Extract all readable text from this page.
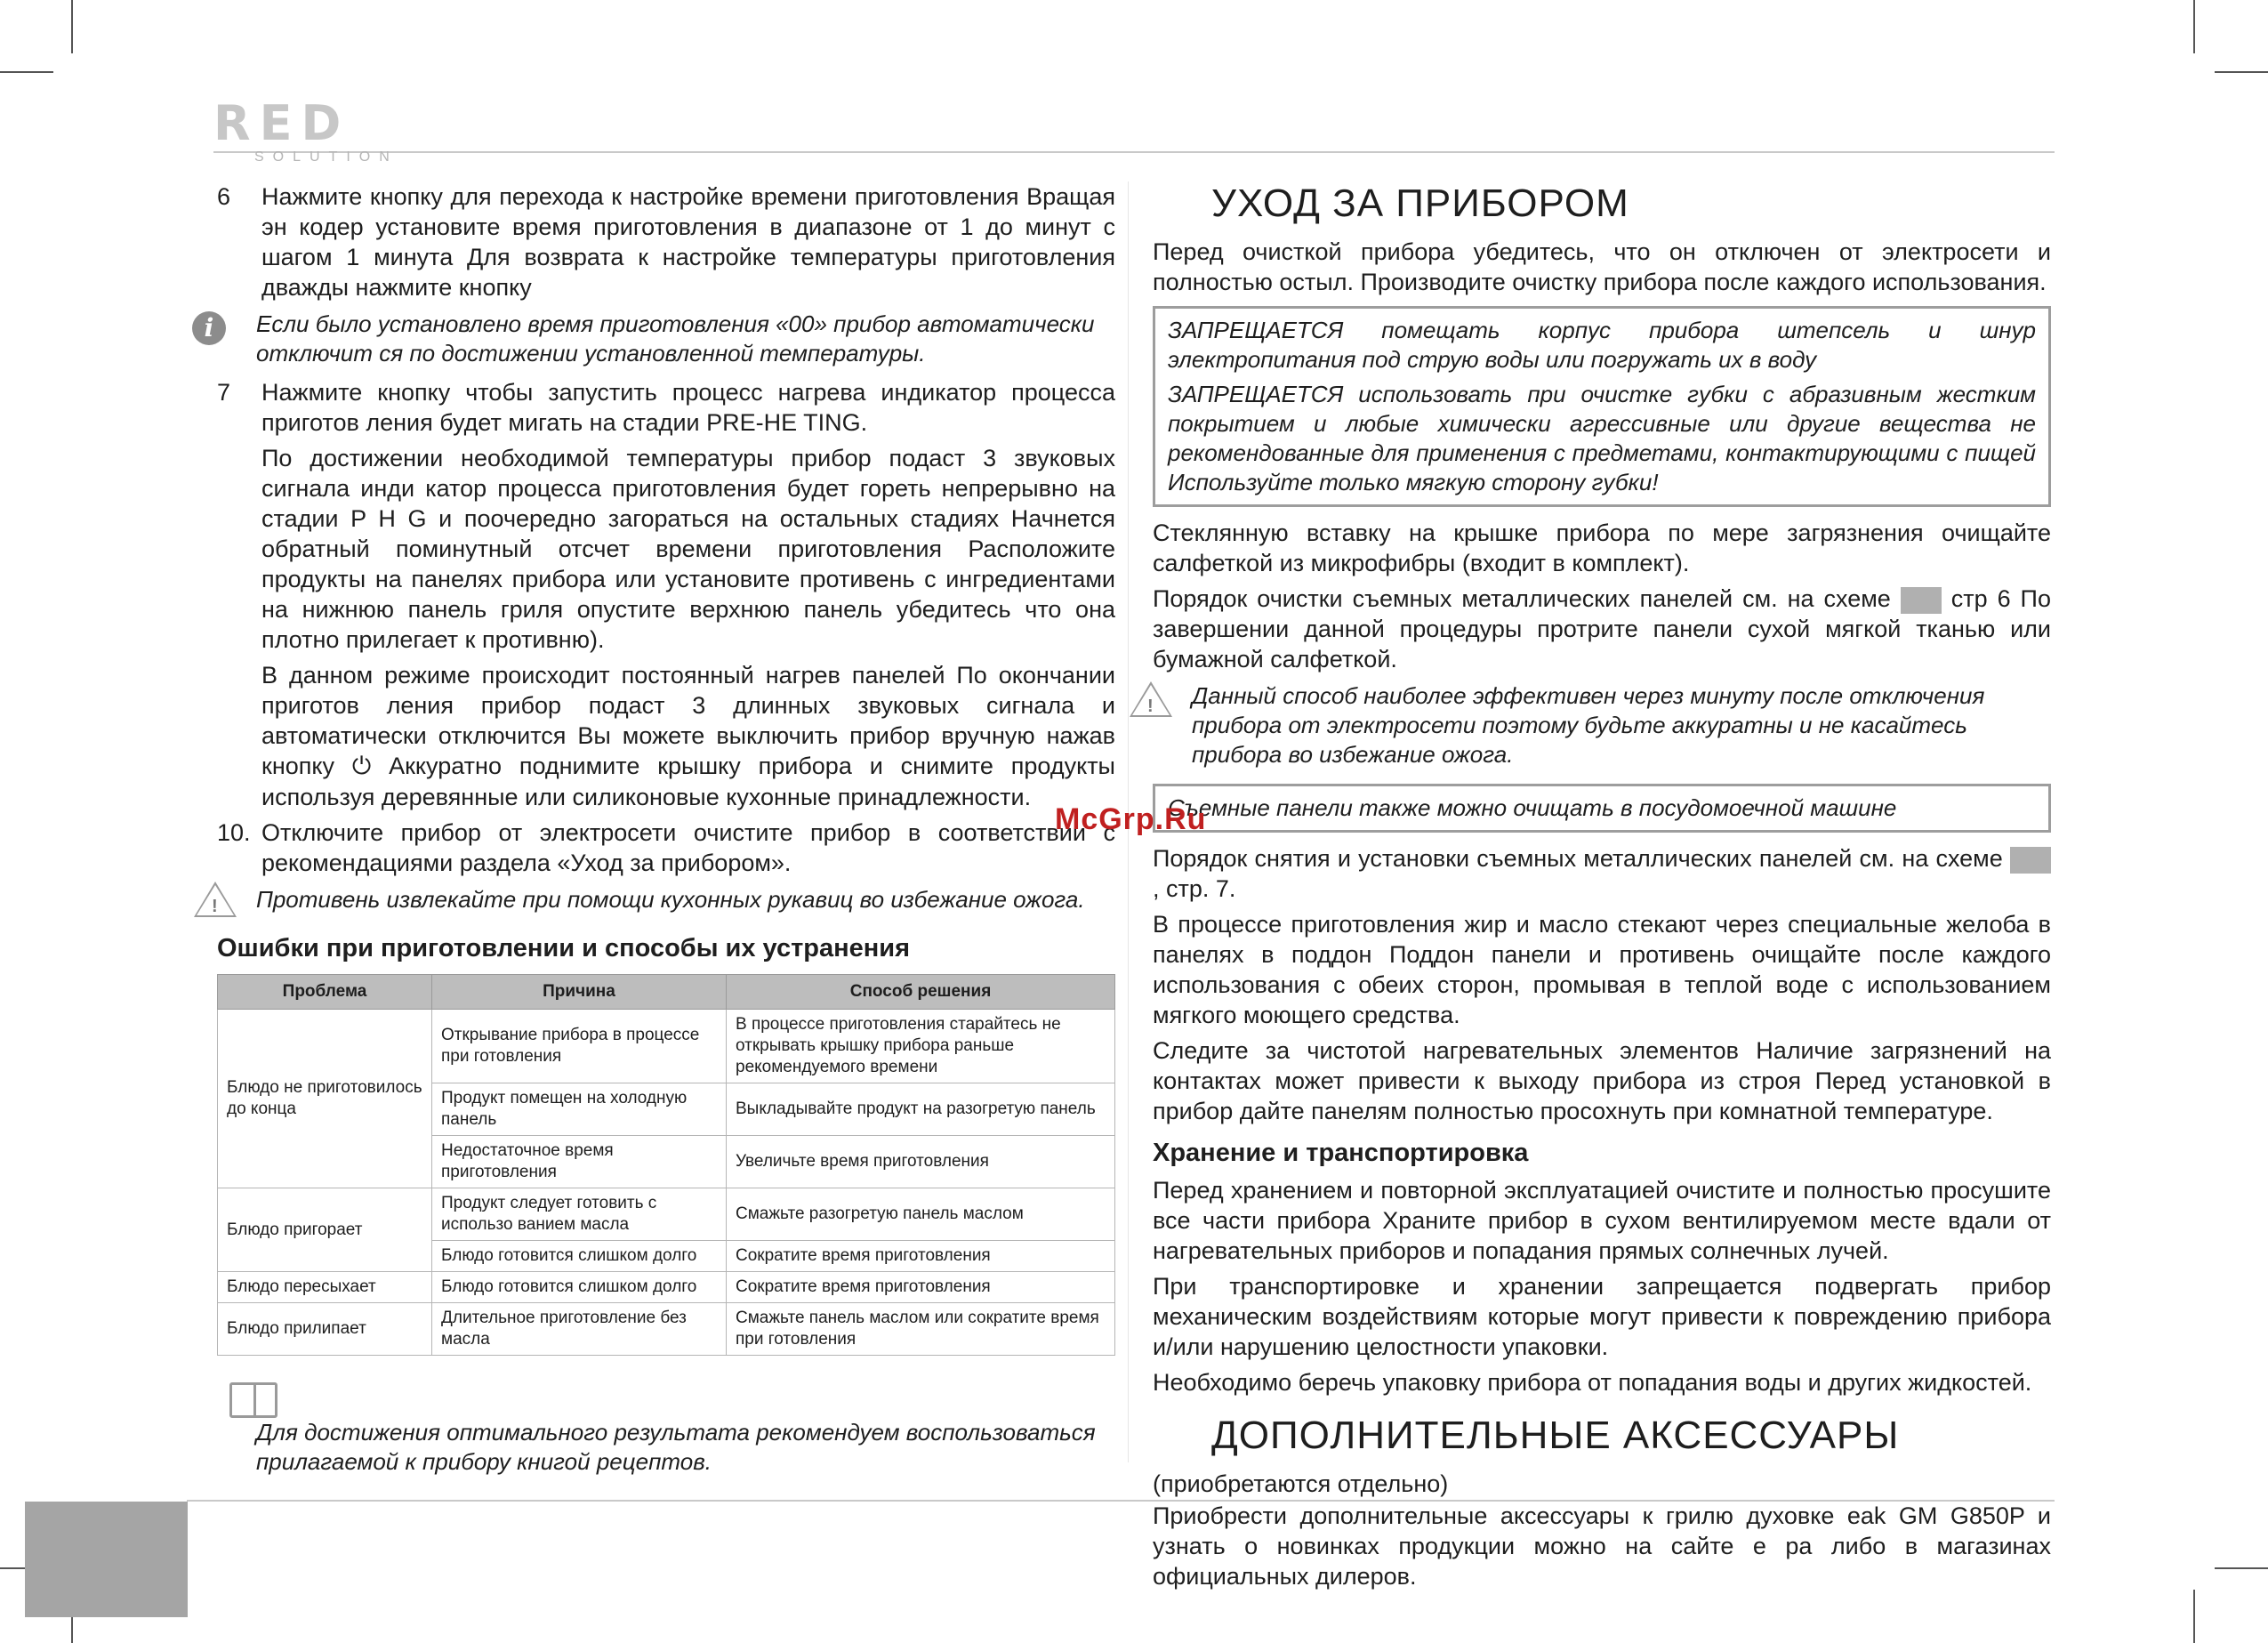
RED
SOLUTION
6 Нажмите кнопку для перехода к настройке времени приготовления Вращая эн кодер установите время приготовления в диапазоне от 1 до минут с шагом 1 минута Для возврата к настройке температуры приготовления дважды нажмите кнопку
i	Если было установлено время приготовления «00» прибор автоматически отключит ся по достижении установленной температуры.
7 Нажмите кнопку чтобы запустить процесс нагрева индикатор процесса приготов ления будет мигать на стадии PRE-HE TING.
По достижении необходимой температуры прибор подаст 3 звуковых сигнала инди катор процесса приготовления будет гореть непрерывно на стадии P H G и поочередно загораться на остальных стадиях Начнется обратный поминутный отсчет времени приготовления Расположите продукты на панелях прибора или установите противень с ингредиентами на нижнюю панель гриля опустите верхнюю панель убедитесь что она плотно прилегает к противню).
В данном режиме происходит постоянный нагрев панелей По окончании приготов ления прибор подаст 3 длинных звуковых сигнала и автоматически отключится Вы можете выключить прибор вручную нажав кнопку ⏻ Аккуратно поднимите крышку прибора и снимите продукты используя деревянные или силиконовые кухонные принадлежности.
10. Отключите прибор от электросети очистите прибор в соответствии с рекомендациями раздела «Уход за прибором».
! Противень извлекайте при помощи кухонных рукавиц во избежание ожога.
Ошибки при приготовлении и способы их устранения
Проблема	Причина	Способ решения
Блюдо не приготовилось до конца	Открывание прибора в процессе при готовления	В процессе приготовления старайтесь не открывать крышку прибора раньше рекомендуемого времени
	Продукт помещен на холодную панель	Выкладывайте продукт на разогретую панель
	Недостаточное время приготовления	Увеличьте время приготовления
Блюдо пригорает	Продукт следует готовить с использо ванием масла	Смажьте разогретую панель маслом
	Блюдо готовится слишком долго	Сократите время приготовления
Блюдо пересыхает	Блюдо готовится слишком долго	Сократите время приготовления
Блюдо прилипает	Длительное приготовление без масла	Смажьте панель маслом или сократите время при готовления
Для достижения оптимального результата рекомендуем воспользоваться прилагаемой к прибору книгой рецептов.
УХОД ЗА ПРИБОРОМ

Перед очисткой прибора убедитесь, что он отключен от электросети и полностью остыл. Производите очистку прибора после каждого использования.

ЗАПРЕЩАЕТСЯ помещать корпус прибора штепсель и шнур электропитания под струю воды или погружать их в воду
ЗАПРЕЩАЕТСЯ использовать при очистке губки с абразивным жестким покрытием и любые химически агрессивные или другие вещества не рекомендованные для применения с предметами, контактирующими с пищей Используйте только мягкую сторону губки!

Стеклянную вставку на крышке прибора по мере загрязнения очищайте салфеткой из микрофибры (входит в комплект).

Порядок очистки съемных металлических панелей см. на схеме	стр 6 По завершении данной процедуры протрите панели сухой мягкой тканью или бумажной салфеткой.

! Данный способ наиболее эффективен через минуту после отключения прибора от электросети поэтому будьте аккуратны и не касайтесь прибора во избежание ожога.
Съемные панели также можно очищать в посудомоечной машине

Порядок снятия и установки съемных металлических панелей см. на схеме , стр. 7.

В процессе приготовления жир и масло стекают через специальные желоба в панелях в поддон Поддон панели и противень очищайте после каждого использования с обеих сторон, промывая в теплой воде с использованием мягкого моющего средства.

Следите за чистотой нагревательных элементов Наличие загрязнений на контактах может привести к выходу прибора из строя Перед установкой в прибор дайте панелям полностью просохнуть при комнатной температуре.

Хранение и транспортировка

Перед хранением и повторной эксплуатацией очистите и полностью просушите все части прибора Храните прибор в сухом вентилируемом месте вдали от нагревательных приборов и попадания прямых солнечных лучей.

При транспортировке и хранении запрещается подвергать прибор механическим воздействиям которые могут привести к повреждению прибора и/или нарушению целостности упаковки.

Необходимо беречь упаковку прибора от попадания воды и других жидкостей.

ДОПОЛНИТЕЛЬНЫЕ АКСЕССУАРЫ

(приобретаются отдельно)

Приобрести дополнительные аксессуары к грилю духовке eak GM G850P и узнать о новинках продукции можно на сайте e ра либо в магазинах официальных дилеров.

McGrp.Ru
